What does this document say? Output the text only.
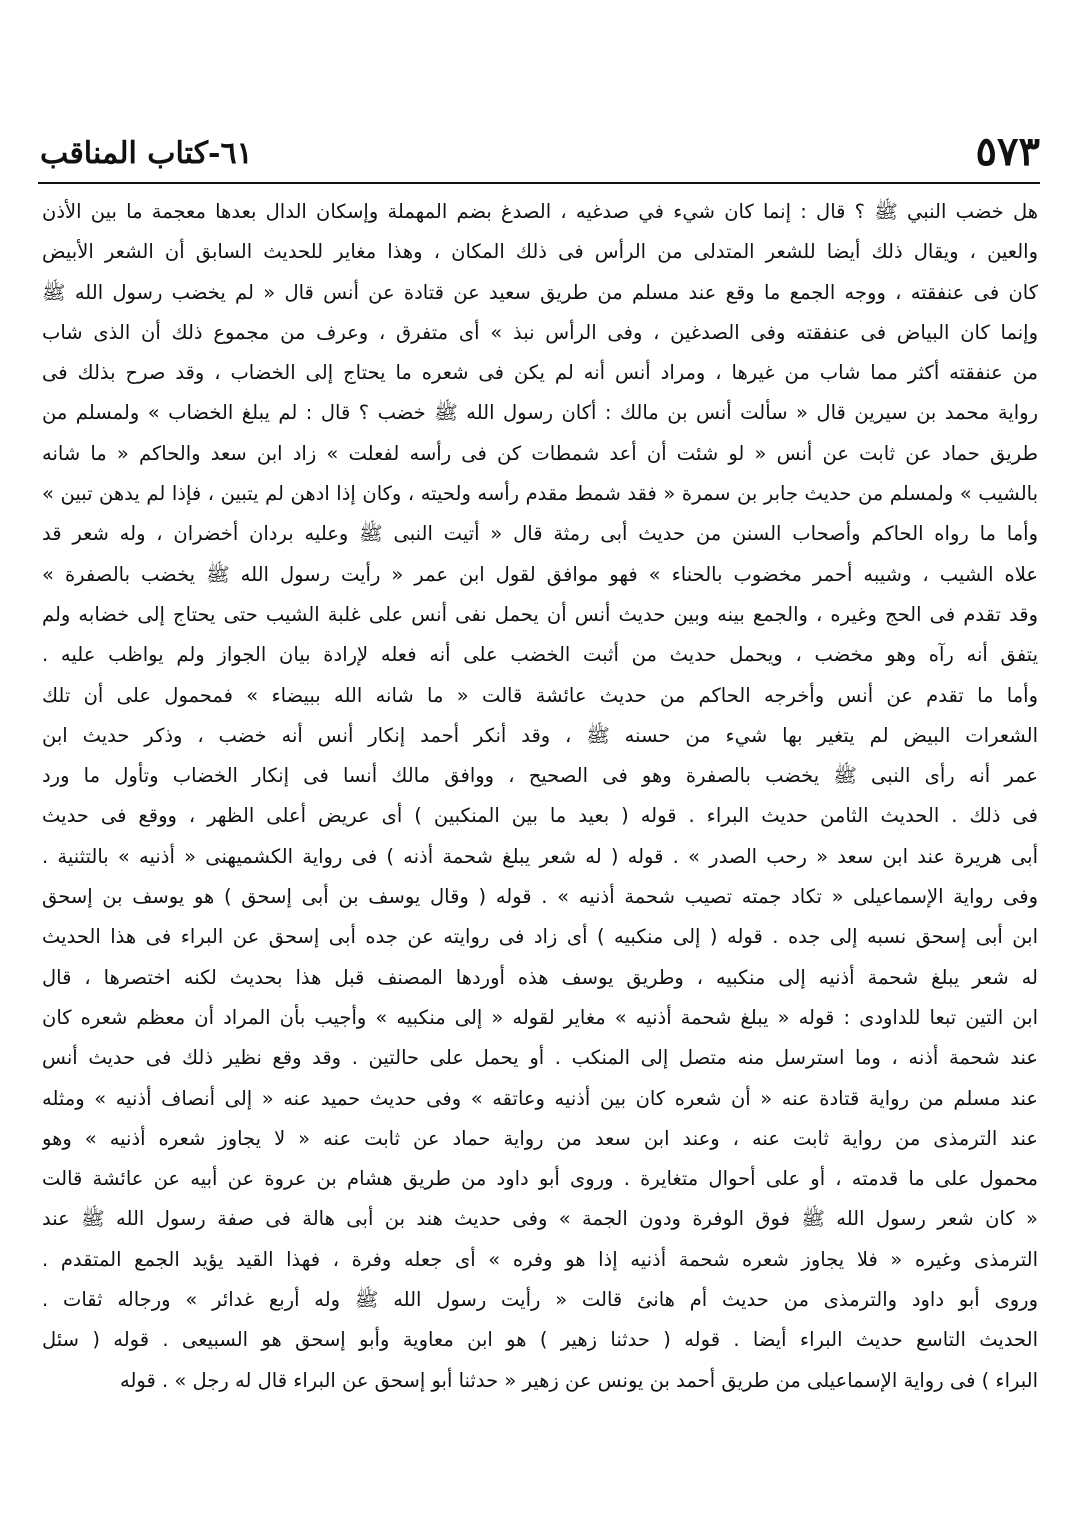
٥٧٣
٦١-كتاب المناقب
هل خضب النبي ﷺ ؟ قال : إنما كان شيء في صدغيه ، الصدغ بضم المهملة وإسكان الدال بعدها معجمة ما بين الأذن
والعين ، ويقال ذلك أيضا للشعر المتدلى من الرأس فى ذلك المكان ، وهذا مغاير للحديث السابق أن الشعر الأبيض
كان فى عنفقته ، ووجه الجمع ما وقع عند مسلم من طريق سعيد عن قتادة عن أنس قال « لم يخضب رسول الله ﷺ
وإنما كان البياض فى عنفقته وفى الصدغين ، وفى الرأس نبذ » أى متفرق ، وعرف من مجموع ذلك أن الذى شاب
من عنفقته أكثر مما شاب من غيرها ، ومراد أنس أنه لم يكن فى شعره ما يحتاج إلى الخضاب ، وقد صرح بذلك فى
رواية محمد بن سيرين قال « سألت أنس بن مالك : أكان رسول الله ﷺ خضب ؟ قال : لم يبلغ الخضاب » ولمسلم من
طريق حماد عن ثابت عن أنس « لو شئت أن أعد شمطات كن فى رأسه لفعلت » زاد ابن سعد والحاكم « ما شانه
بالشيب » ولمسلم من حديث جابر بن سمرة « فقد شمط مقدم رأسه ولحيته ، وكان إذا ادهن لم يتبين ، فإذا لم يدهن تبين »
وأما ما رواه الحاكم وأصحاب السنن من حديث أبى رمثة قال « أتيت النبى ﷺ وعليه بردان أخضران ، وله شعر قد
علاه الشيب ، وشيبه أحمر مخضوب بالحناء » فهو موافق لقول ابن عمر « رأيت رسول الله ﷺ يخضب بالصفرة »
وقد تقدم فى الحج وغيره ، والجمع بينه وبين حديث أنس أن يحمل نفى أنس على غلبة الشيب حتى يحتاج إلى خضابه ولم
يتفق أنه رآه وهو مخضب ، ويحمل حديث من أثبت الخضب على أنه فعله لإرادة بيان الجواز ولم يواظب عليه .
وأما ما تقدم عن أنس وأخرجه الحاكم من حديث عائشة قالت « ما شانه الله ببيضاء » فمحمول على أن تلك
الشعرات البيض لم يتغير بها شيء من حسنه ﷺ ، وقد أنكر أحمد إنكار أنس أنه خضب ، وذكر حديث ابن
عمر أنه رأى النبى ﷺ يخضب بالصفرة وهو فى الصحيح ، ووافق مالك أنسا فى إنكار الخضاب وتأول ما ورد
فى ذلك . الحديث الثامن حديث البراء . قوله ( بعيد ما بين المنكبين ) أى عريض أعلى الظهر ، ووقع فى حديث
أبى هريرة عند ابن سعد « رحب الصدر » . قوله ( له شعر يبلغ شحمة أذنه ) فى رواية الكشميهنى « أذنيه » بالتثنية .
وفى رواية الإسماعيلى « تكاد جمته تصيب شحمة أذنيه » . قوله ( وقال يوسف بن أبى إسحق ) هو يوسف بن إسحق
ابن أبى إسحق نسبه إلى جده . قوله ( إلى منكبيه ) أى زاد فى روايته عن جده أبى إسحق عن البراء فى هذا الحديث
له شعر يبلغ شحمة أذنيه إلى منكبيه ، وطريق يوسف هذه أوردها المصنف قبل هذا بحديث لكنه اختصرها ، قال
ابن التين تبعا للداودى : قوله « يبلغ شحمة أذنيه » مغاير لقوله « إلى منكبيه » وأجيب بأن المراد أن معظم شعره كان
عند شحمة أذنه ، وما استرسل منه متصل إلى المنكب . أو يحمل على حالتين . وقد وقع نظير ذلك فى حديث أنس
عند مسلم من رواية قتادة عنه « أن شعره كان بين أذنيه وعاتقه » وفى حديث حميد عنه « إلى أنصاف أذنيه » ومثله
عند الترمذى من رواية ثابت عنه ، وعند ابن سعد من رواية حماد عن ثابت عنه « لا يجاوز شعره أذنيه » وهو
محمول على ما قدمته ، أو على أحوال متغايرة . وروى أبو داود من طريق هشام بن عروة عن أبيه عن عائشة قالت
« كان شعر رسول الله ﷺ فوق الوفرة ودون الجمة » وفى حديث هند بن أبى هالة فى صفة رسول الله ﷺ عند
الترمذى وغيره « فلا يجاوز شعره شحمة أذنيه إذا هو وفره » أى جعله وفرة ، فهذا القيد يؤيد الجمع المتقدم .
وروى أبو داود والترمذى من حديث أم هانئ قالت « رأيت رسول الله ﷺ وله أربع غدائر » ورجاله ثقات .
الحديث التاسع حديث البراء أيضا . قوله ( حدثنا زهير ) هو ابن معاوية وأبو إسحق هو السبيعى . قوله ( سئل
البراء ) فى رواية الإسماعيلى من طريق أحمد بن يونس عن زهير « حدثنا أبو إسحق عن البراء قال له رجل » . قوله
